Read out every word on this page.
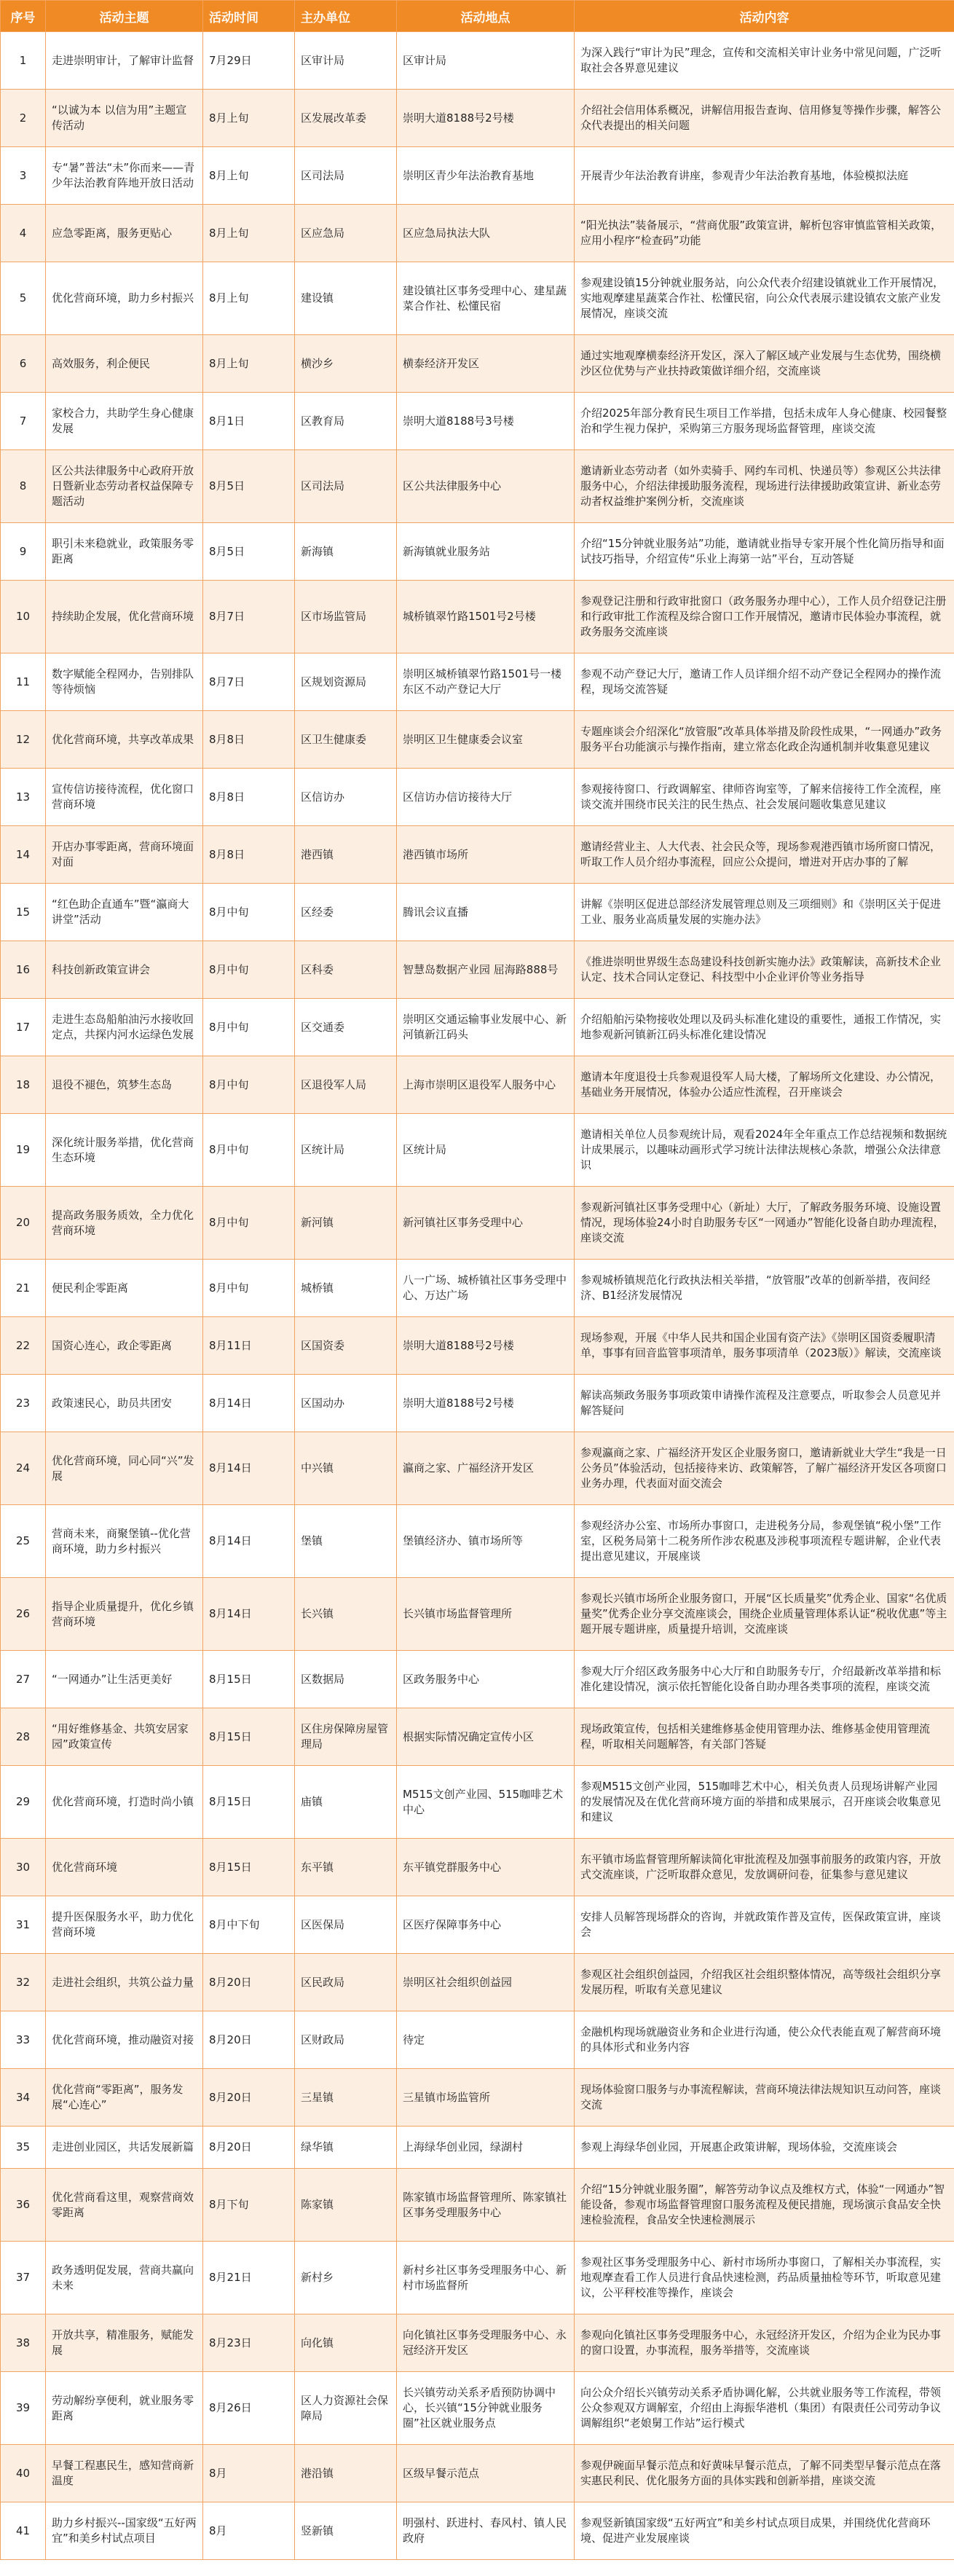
序号	活动主题	活动时间	主办单位	活动地点	活动内容
1	走进崇明审计，了解审计监督	7月29日	区审计局	区审计局	为深入践行“审计为民”理念，宣传和交流相关审计业务中常见问题，广泛听取社会各界意见建议
2	“以诚为本 以信为用”主题宣传活动	8月上旬	区发展改革委	崇明大道8188号2号楼	介绍社会信用体系概况，讲解信用报告查询、信用修复等操作步骤，解答公众代表提出的相关问题
3	专“暑”普法“未”你而来——青少年法治教育阵地开放日活动	8月上旬	区司法局	崇明区青少年法治教育基地	开展青少年法治教育讲座，参观青少年法治教育基地，体验模拟法庭
4	应急零距离，服务更贴心	8月上旬	区应急局	区应急局执法大队	“阳光执法”装备展示，“营商优服”政策宣讲，解析包容审慎监管相关政策，应用小程序“检查码”功能
5	优化营商环境，助力乡村振兴	8月上旬	建设镇	建设镇社区事务受理中心、建星蔬菜合作社、松懂民宿	参观建设镇15分钟就业服务站，向公众代表介绍建设镇就业工作开展情况，实地观摩建星蔬菜合作社、松懂民宿，向公众代表展示建设镇农文旅产业发展情况，座谈交流
6	高效服务，利企便民	8月上旬	横沙乡	横泰经济开发区	通过实地观摩横泰经济开发区，深入了解区域产业发展与生态优势，围绕横沙区位优势与产业扶持政策做详细介绍，交流座谈
7	家校合力，共助学生身心健康发展	8月1日	区教育局	崇明大道8188号3号楼	介绍2025年部分教育民生项目工作举措，包括未成年人身心健康、校园餐整治和学生视力保护，采购第三方服务现场监督管理，座谈交流
8	区公共法律服务中心政府开放日暨新业态劳动者权益保障专题活动	8月5日	区司法局	区公共法律服务中心	邀请新业态劳动者（如外卖骑手、网约车司机、快递员等）参观区公共法律服务中心，介绍法律援助服务流程，现场进行法律援助政策宣讲、新业态劳动者权益维护案例分析，交流座谈
9	职引未来稳就业，政策服务零距离	8月5日	新海镇	新海镇就业服务站	介绍“15分钟就业服务站”功能，邀请就业指导专家开展个性化简历指导和面试技巧指导，介绍宣传“乐业上海第一站”平台，互动答疑
10	持续助企发展，优化营商环境	8月7日	区市场监管局	城桥镇翠竹路1501号2号楼	参观登记注册和行政审批窗口（政务服务办理中心），工作人员介绍登记注册和行政审批工作流程及综合窗口工作开展情况，邀请市民体验办事流程，就政务服务交流座谈
11	数字赋能全程网办，告别排队等待烦恼	8月7日	区规划资源局	崇明区城桥镇翠竹路1501号一楼东区不动产登记大厅	参观不动产登记大厅，邀请工作人员详细介绍不动产登记全程网办的操作流程，现场交流答疑
12	优化营商环境，共享改革成果	8月8日	区卫生健康委	崇明区卫生健康委会议室	专题座谈会介绍深化“放管服”改革具体举措及阶段性成果，“一网通办”政务服务平台功能演示与操作指南，建立常态化政企沟通机制并收集意见建议
13	宣传信访接待流程，优化窗口营商环境	8月8日	区信访办	区信访办信访接待大厅	参观接待窗口、行政调解室、律师咨询室等，了解来信接待工作全流程，座谈交流并围绕市民关注的民生热点、社会发展问题收集意见建议
14	开店办事零距离，营商环境面对面	8月8日	港西镇	港西镇市场所	邀请经营业主、人大代表、社会民众等，现场参观港西镇市场所窗口情况，听取工作人员介绍办事流程，回应公众提问，增进对开店办事的了解
15	“红色助企直通车”暨“瀛商大讲堂”活动	8月中旬	区经委	腾讯会议直播	讲解《崇明区促进总部经济发展管理总则及三项细则》和《崇明区关于促进工业、服务业高质量发展的实施办法》
16	科技创新政策宣讲会	8月中旬	区科委	智慧岛数据产业园 屈海路888号	《推进崇明世界级生态岛建设科技创新实施办法》政策解读，高新技术企业认定、技术合同认定登记、科技型中小企业评价等业务指导
17	走进生态岛船舶油污水接收回定点，共探内河水运绿色发展	8月中旬	区交通委	崇明区交通运输事业发展中心、新河镇新江码头	介绍船舶污染物接收处理以及码头标准化建设的重要性，通报工作情况，实地参观新河镇新江码头标准化建设情况
18	退役不褪色，筑梦生态岛	8月中旬	区退役军人局	上海市崇明区退役军人服务中心	邀请本年度退役士兵参观退役军人局大楼，了解场所文化建设、办公情况，基础业务开展情况，体验办公适应性流程，召开座谈会
19	深化统计服务举措，优化营商生态环境	8月中旬	区统计局	区统计局	邀请相关单位人员参观统计局，观看2024年全年重点工作总结视频和数据统计成果展示，以趣味动画形式学习统计法律法规核心条款，增强公众法律意识
20	提高政务服务质效，全力优化营商环境	8月中旬	新河镇	新河镇社区事务受理中心	参观新河镇社区事务受理中心（新址）大厅，了解政务服务环境、设施设置情况，现场体验24小时自助服务专区“一网通办”智能化设备自助办理流程，座谈交流
21	便民利企零距离	8月中旬	城桥镇	八一广场、城桥镇社区事务受理中心、万达广场	参观城桥镇规范化行政执法相关举措，“放管服”改革的创新举措，夜间经济、B1经济发展情况
22	国资心连心，政企零距离	8月11日	区国资委	崇明大道8188号2号楼	现场参观，开展《中华人民共和国企业国有资产法》《崇明区国资委履职清单，事事有回音监管事项清单，服务事项清单（2023版）》解读，交流座谈
23	政策速民心，助员共团安	8月14日	区国动办	崇明大道8188号2号楼	解读高频政务服务事项政策申请操作流程及注意要点，听取参会人员意见并解答疑问
24	优化营商环境，同心同“兴”发展	8月14日	中兴镇	瀛商之家、广福经济开发区	参观瀛商之家、广福经济开发区企业服务窗口，邀请新就业大学生“我是一日公务员”体验活动，包括接待来访、政策解答，了解广福经济开发区各项窗口业务办理，代表面对面交流会
25	营商未来，商聚堡镇--优化营商环境，助力乡村振兴	8月14日	堡镇	堡镇经济办、镇市场所等	参观经济办公室、市场所办事窗口，走进税务分局，参观堡镇“税小堡”工作室，区税务局第十二税务所作涉农税惠及涉税事项流程专题讲解，企业代表提出意见建议，开展座谈
26	指导企业质量提升，优化乡镇营商环境	8月14日	长兴镇	长兴镇市场监督管理所	参观长兴镇市场所企业服务窗口，开展“区长质量奖”优秀企业、国家“名优质量奖”优秀企业分享交流座谈会，围绕企业质量管理体系认证“税收优惠”等主题开展专题讲座，质量提升培训，交流座谈
27	“一网通办”让生活更美好	8月15日	区数据局	区政务服务中心	参观大厅介绍区政务服务中心大厅和自助服务专厅，介绍最新改革举措和标准化建设情况，演示依托智能化设备自助办理各类事项的流程，座谈交流
28	“用好维修基金、共筑安居家园”政策宣传	8月15日	区住房保障房屋管理局	根据实际情况确定宣传小区	现场政策宣传，包括相关建维修基金使用管理办法、维修基金使用管理流程，听取相关问题解答，有关部门答疑
29	优化营商环境，打造时尚小镇	8月15日	庙镇	M515文创产业园、515咖啡艺术中心	参观M515文创产业园，515咖啡艺术中心，相关负责人员现场讲解产业园的发展情况及在优化营商环境方面的举措和成果展示，召开座谈会收集意见和建议
30	优化营商环境	8月15日	东平镇	东平镇党群服务中心	东平镇市场监督管理所解读简化审批流程及加强事前服务的政策内容，开放式交流座谈，广泛听取群众意见，发放调研问卷，征集参与意见建议
31	提升医保服务水平，助力优化营商环境	8月中下旬	区医保局	区医疗保障事务中心	安排人员解答现场群众的咨询，并就政策作普及宣传，医保政策宣讲，座谈会
32	走进社会组织，共筑公益力量	8月20日	区民政局	崇明区社会组织创益园	参观区社会组织创益园，介绍我区社会组织整体情况，高等级社会组织分享发展历程，听取有关意见建议
33	优化营商环境，推动融资对接	8月20日	区财政局	待定	金融机构现场就融资业务和企业进行沟通，使公众代表能直观了解营商环境的具体形式和业务内容
34	优化营商“零距离”，服务发展“心连心”	8月20日	三星镇	三星镇市场监管所	现场体验窗口服务与办事流程解读，营商环境法律法规知识互动问答，座谈交流
35	走进创业园区，共话发展新篇	8月20日	绿华镇	上海绿华创业园，绿湖村	参观上海绿华创业园，开展惠企政策讲解，现场体验，交流座谈会
36	优化营商看这里，观察营商效零距离	8月下旬	陈家镇	陈家镇市场监督管理所、陈家镇社区事务受理服务中心	介绍“15分钟就业服务圈”，解答劳动争议点及维权方式，体验“一网通办”智能设备，参观市场监督管理窗口服务流程及便民措施，现场演示食品安全快速检验流程，食品安全快速检测展示
37	政务透明促发展，营商共赢向未来	8月21日	新村乡	新村乡社区事务受理服务中心、新村市场监督所	参观社区事务受理服务中心、新村市场所办事窗口，了解相关办事流程，实地观摩查看工作人员进行食品快速检测，药品质量抽检等环节，听取意见建议，公平秤校准等操作，座谈会
38	开放共享，精准服务，赋能发展	8月23日	向化镇	向化镇社区事务受理服务中心、永冠经济开发区	参观向化镇社区事务受理服务中心，永冠经济开发区，介绍为企业为民办事的窗口设置，办事流程，服务举措等，交流座谈
39	劳动解纷享便利，就业服务零距离	8月26日	区人力资源社会保障局	长兴镇劳动关系矛盾预防协调中心，长兴镇“15分钟就业服务圈”社区就业服务点	向公众介绍长兴镇劳动关系矛盾协调化解，公共就业服务等工作流程，带领公众参观双方调解室，介绍由上海振华港机（集团）有限责任公司劳动争议调解组织“老娘舅工作站”运行模式
40	早餐工程惠民生，感知营商新温度	8月	港沿镇	区级早餐示范点	参观伊碗面早餐示范点和好黄味早餐示范点，了解不同类型早餐示范点在落实惠民利民、优化服务方面的具体实践和创新举措，座谈交流
41	助力乡村振兴--国家级“五好两宜”和美乡村试点项目	8月	竖新镇	明强村、跃进村、春风村、镇人民政府	参观竖新镇国家级“五好两宜”和美乡村试点项目成果，并围绕优化营商环境、促进产业发展座谈
